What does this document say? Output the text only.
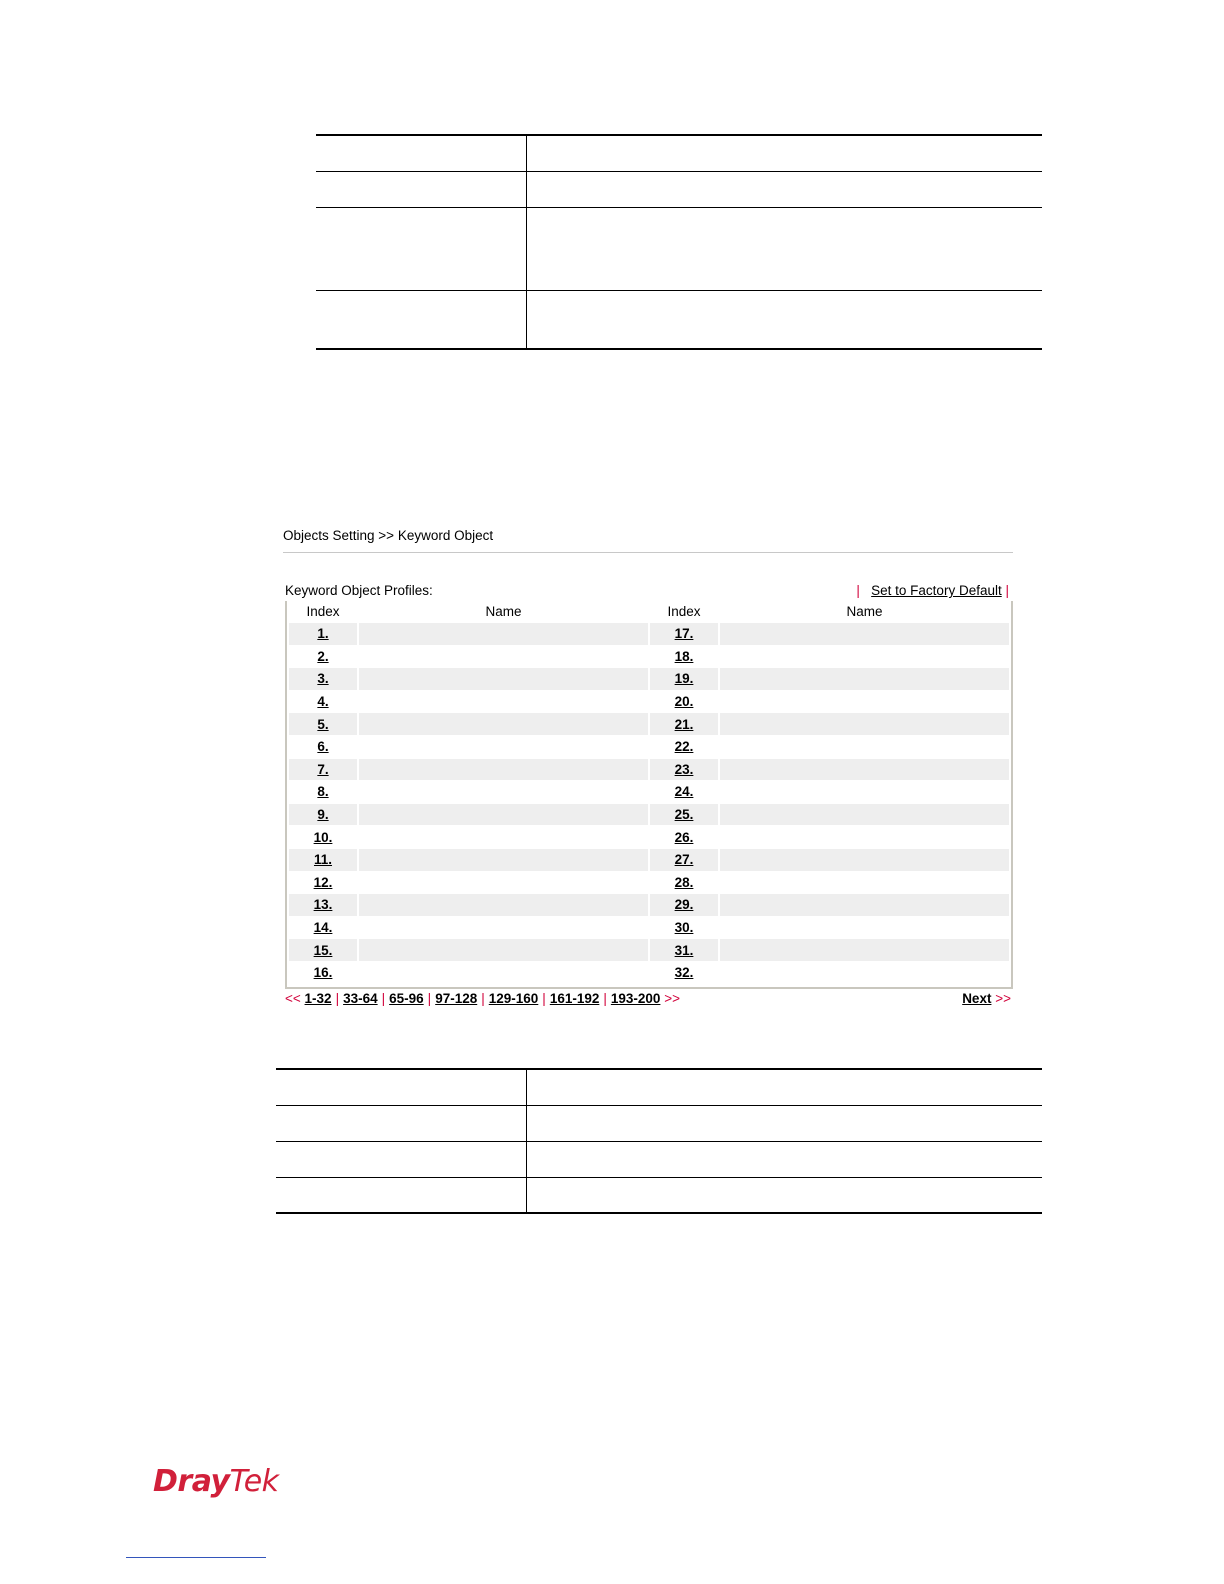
Objects Setting >> Keyword Object
Keyword Object Profiles:	| Set to Factory Default |
Index	Name	Index	Name
1.		17.	
2.		18.	
3.		19.	
4.		20.	
5.		21.	
6.		22.	
7.		23.	
8.		24.	
9.		25.	
10.		26.	
11.		27.	
12.		28.	
13.		29.	
14.		30.	
15.		31.	
16.		32.	
<< 1-32 | 33-64 | 65-96 | 97-128 | 129-160 | 161-192 | 193-200 >>	Next >>

DrayTek
